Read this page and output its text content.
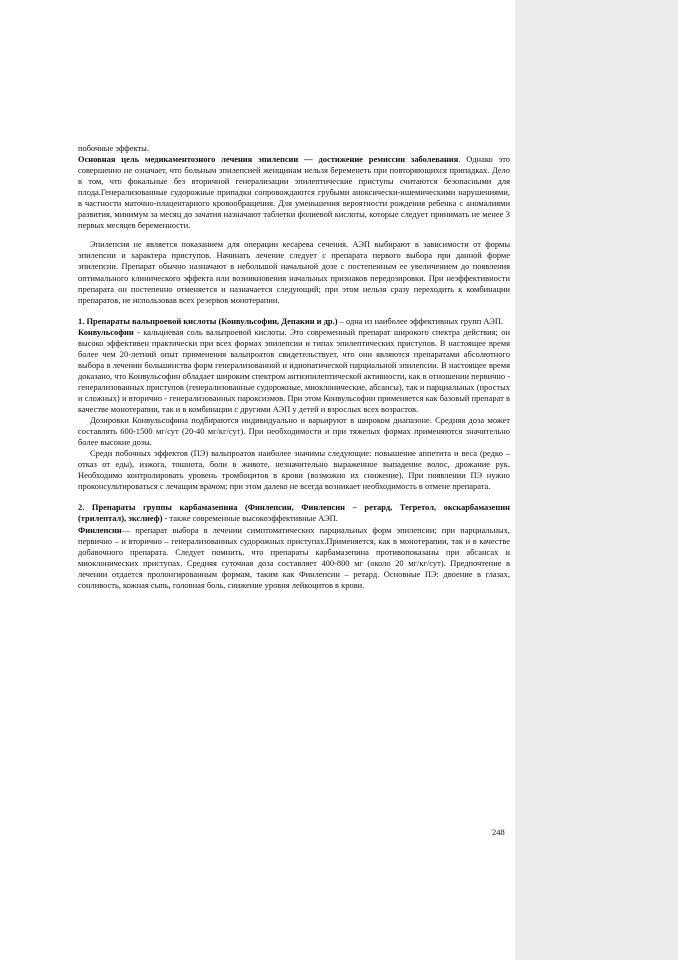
побочные эффекты.

Основная цель медикаментозного лечения эпилепсии — достижение ремиссии заболевания. Однако это совершенно не означает, что больным эпилепсией женщинам нельзя беременеть при повторяющихся припадках. Дело в том, что фокальные без вторичной генерализации эпилептические приступы считаются безопасными для плода.Генерализованные судорожные припадки сопровождаются грубыми аноксически-ишемическими нарушениями, в частности маточно-плацентарного кровообращения. Для уменьшения вероятности рождения ребенка с аномалиями развития, минимум за месяц до зачатия назначают таблетки фолиевой кислоты, которые следует принимать не менее 3 первых месяцев беременности.

Эпилепсия не является показанием для операции кесарева сечения. АЭП выбирают в зависимости от формы эпилепсии и характера приступов. Начинать лечение следует с препарата первого выбора при данной форме эпилепсии. Препарат обычно назначают в небольшой начальной дозе с постепенным ее увеличением до появления оптимального клинического эффекта или возникновения начальных признаков передозировки. При неэффективности препарата он постепенно отменяется и назначается следующий; при этом нельзя сразу переходить к комбинации препаратов, не использовав всех резервов монотерапии.

1. Препараты вальпроевой кислоты (Конвульсофин, Депакин и др.) – одна из наиболее эффективных групп АЭП.

Конвульсофин - кальциевая соль вальпроевой кислоты. Это современный препарат широкого спектра действия; он высоко эффективен практически при всех формах эпилепсии и типах эпилептических приступов. В настоящее время более чем 20-летний опыт применения вальпроатов свидетельствует, что они являются препаратами абсолютного выбора в лечении большинства форм генерализованной и идиопатической парциальной эпилепсии. В настоящее время доказано, что Конвульсофин обладает широким спектром антиэпилептической активности, как в отношении первично - генерализованных приступов (генерализованные судорожные, миоклонические, абсансы), так и парциальных (простых и сложных) и вторично - генерализованных пароксизмов. При этом Конвульсофин применяется как базовый препарат в качестве монотерапии, так и в комбинации с другими АЭП у детей и взрослых всех возрастов.

Дозировки Конвульсофина подбираются индивидуально и варьируют в широком диапазоне. Средняя доза может составлять 600-1500 мг/сут (20-40 мг/кг/сут). При необходимости и при тяжелых формах применяются значительно более высокие дозы.

Среди побочных эффектов (ПЭ) вальпроатов наиболее значимы следующие: повышение аппетита и веса (редко – отказ от еды), изжога, тошнота, боли в животе, незначительно выраженное выпадение волос, дрожание рук. Необходимо контролировать уровень тромбоцитов в крови (возможно их снижение). При появлении ПЭ нужно проконсультироваться с лечащим врачом; при этом далеко не всегда возникает необходимость в отмене препарата.

2. Препараты группы карбамазепина (Финлепсин, Финлепсин – ретард, Тегретол, окскарбамазепин (трилептал), экслиеф) - также современные высокоэффективные АЭП.

Финлепсин— препарат выбора в лечении симптоматических парциальных форм эпилепсии; при парциальных, первично – и вторично – генерализованных судорожных приступах.Применяется, как в монотерапии, так и в качестве добавочного препарата. Следует помнить, что препараты карбамазепина противопоказаны при абсансах и миоклонических приступах. Средняя суточная доза составляет 400-800 мг (около 20 мг/кг/сут). Предпочтение в лечении отдается пролонгированным формам, таким как Финлепсин – ретард. Основные ПЭ: двоение в глазах, сонливость, кожная сыпь, головная боль, снижение уровня лейкоцитов в крови.

248
